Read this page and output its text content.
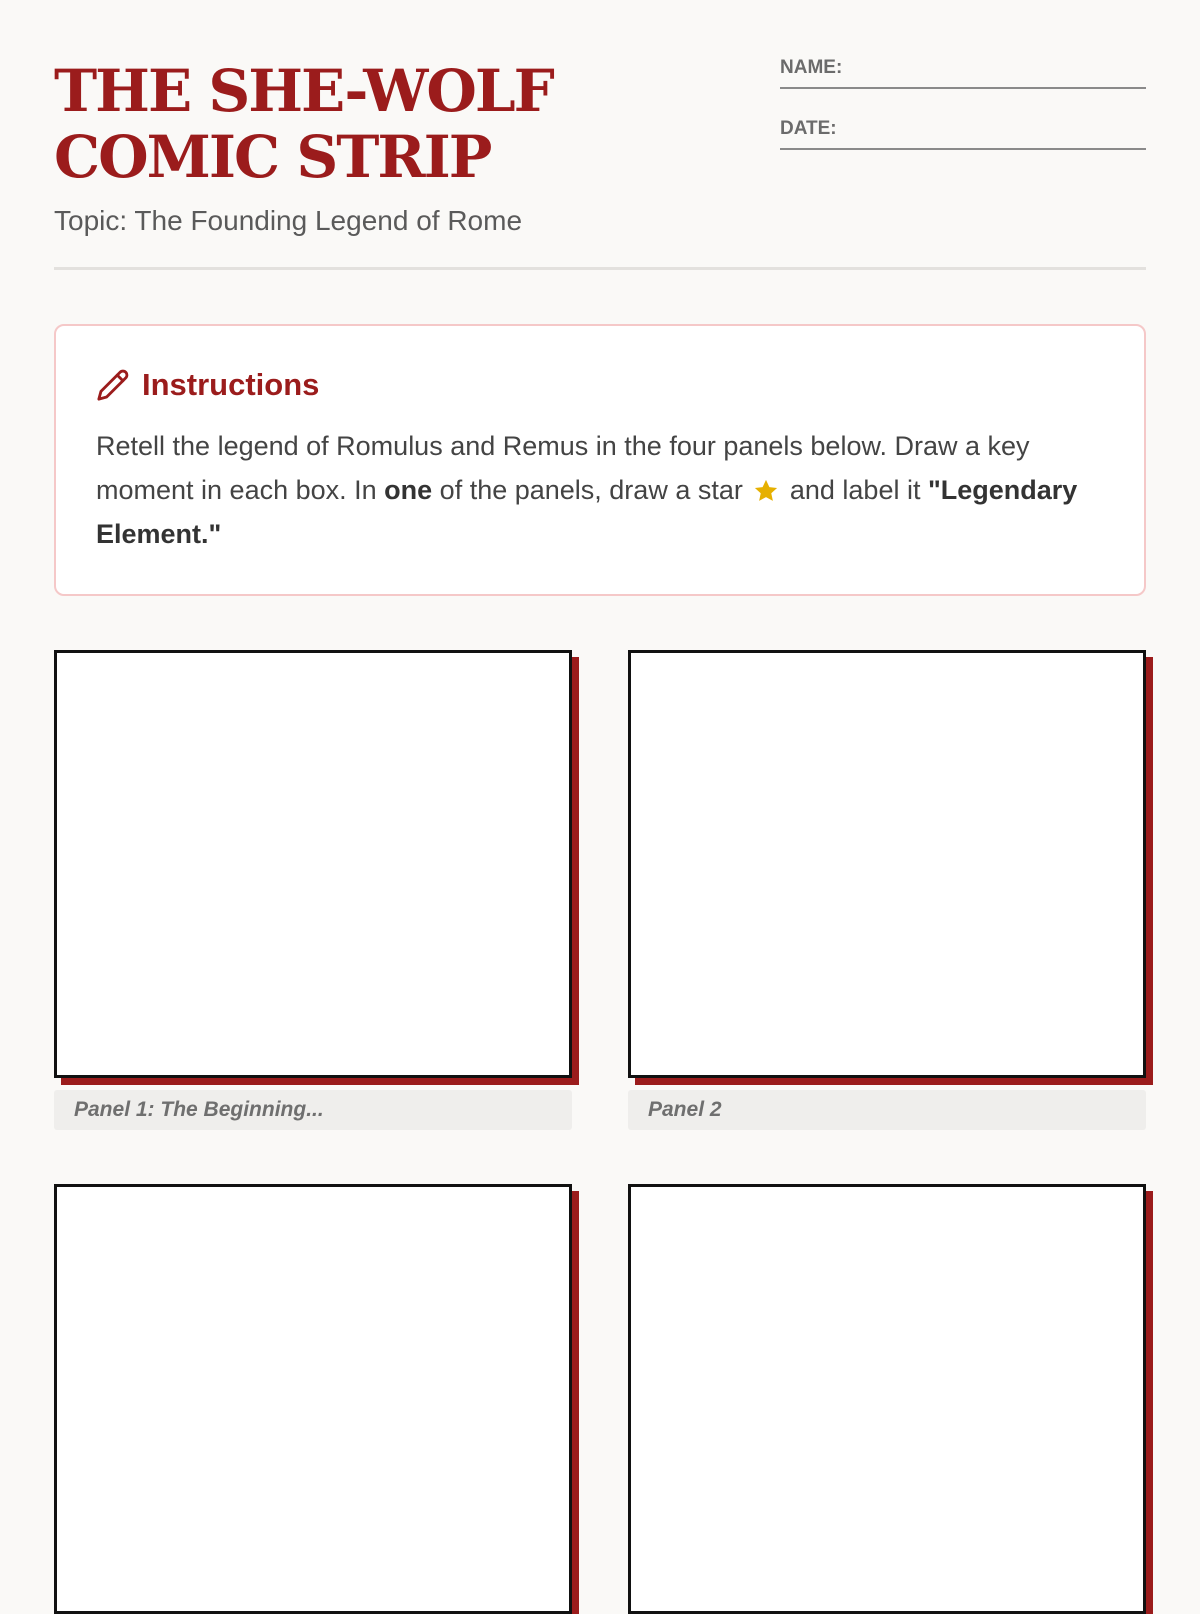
THE SHE-WOLF COMIC STRIP
Topic: The Founding Legend of Rome
NAME:
DATE:
Instructions

Retell the legend of Romulus and Remus in the four panels below. Draw a key moment in each box. In one of the panels, draw a star  and label it "Legendary Element."

Panel 1: The Beginning...	Panel 2
